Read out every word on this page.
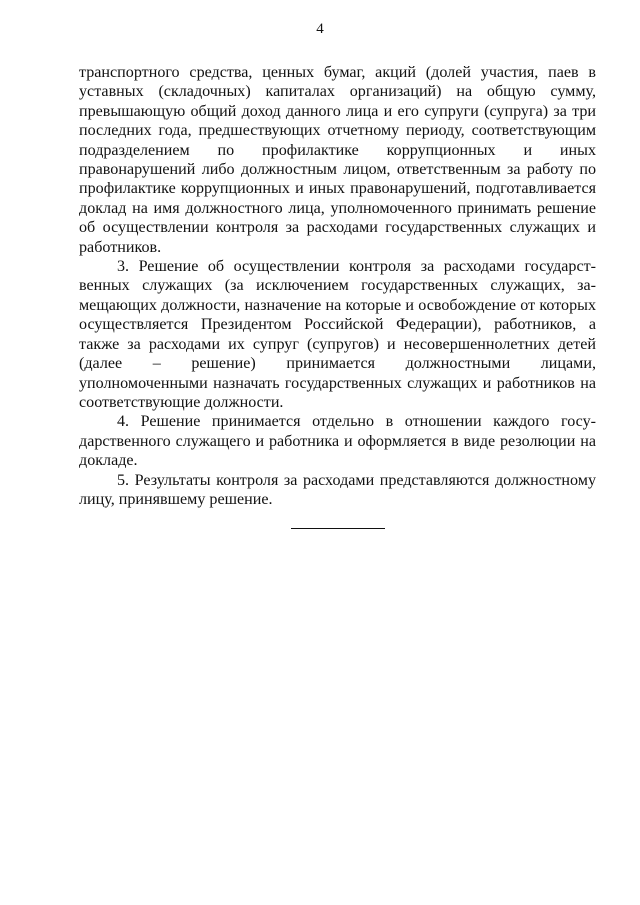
4

транспортного средства, ценных бумаг, акций (долей участия, паев в уставных (складочных) капиталах организаций) на общую сумму, превышающую общий доход данного лица и его супруги (супруга) за три последних года, предшествующих отчетному периоду, соответствующим подразделением по профилактике коррупционных и иных правонарушений либо должностным лицом, ответственным за работу по профилактике коррупционных и иных правонарушений, подготавливается доклад на имя должностного лица, уполномоченного принимать решение об осуществлении контроля за расходами государственных служащих и работников.

3. Решение об осуществлении контроля за расходами государственных служащих (за исключением государственных служащих, замещающих должности, назначение на которые и освобождение от которых осуществляется Президентом Российской Федерации), работников, а также за расходами их супруг (супругов) и несовершеннолетних детей (далее – решение) принимается должностными лицами, уполномоченными назначать государственных служащих и работников на соответствующие должности.

4. Решение принимается отдельно в отношении каждого государственного служащего и работника и оформляется в виде резолюции на докладе.

5. Результаты контроля за расходами представляются должностному лицу, принявшему решение.
